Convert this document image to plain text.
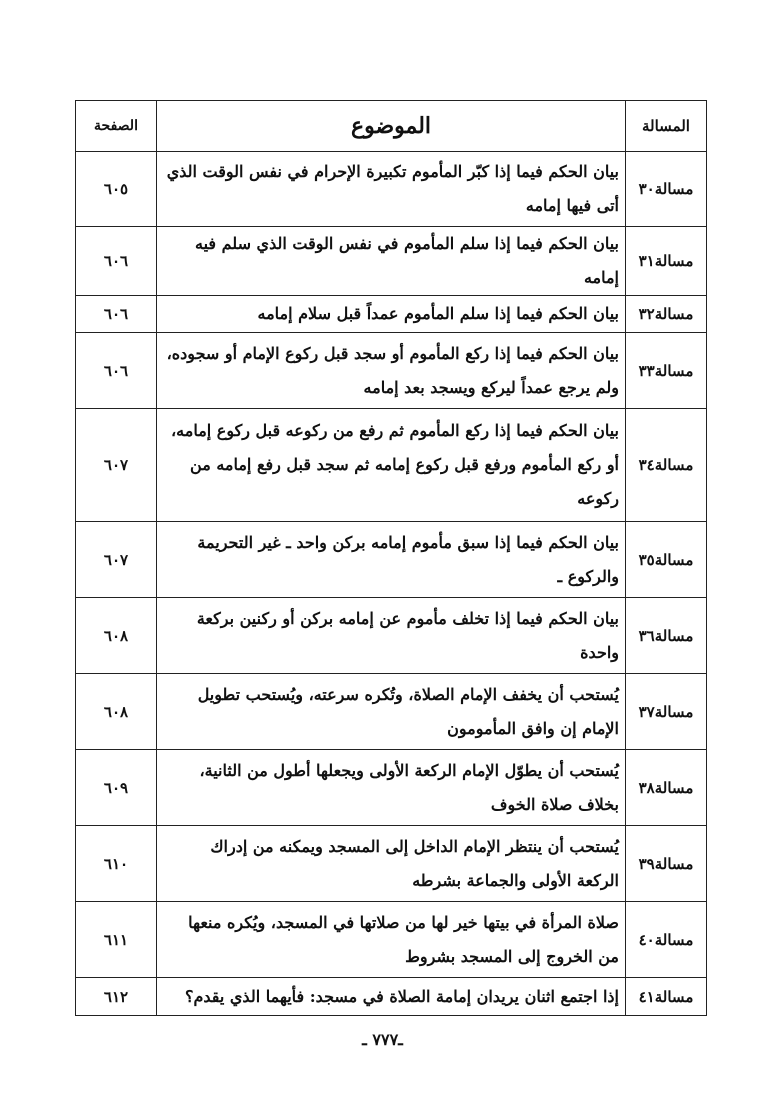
المسالة	الموضوع	الصفحة
مسالة٣٠	بيان الحكم فيما إذا كبّر المأموم تكبيرة الإحرام في نفس الوقت الذي أتى فيها إمامه	٦٠٥
مسالة٣١	بيان الحكم فيما إذا سلم المأموم في نفس الوقت الذي سلم فيه إمامه	٦٠٦
مسالة٣٢	بيان الحكم فيما إذا سلم المأموم عمداً قبل سلام إمامه	٦٠٦
مسالة٣٣	بيان الحكم فيما إذا ركع المأموم أو سجد قبل ركوع الإمام أو سجوده، ولم يرجع عمداً ليركع ويسجد بعد إمامه	٦٠٦
مسالة٣٤	بيان الحكم فيما إذا ركع المأموم ثم رفع من ركوعه قبل ركوع إمامه، أو ركع المأموم ورفع قبل ركوع إمامه ثم سجد قبل رفع إمامه من ركوعه	٦٠٧
مسالة٣٥	بيان الحكم فيما إذا سبق مأموم إمامه بركن واحد ـ غير التحريمة والركوع ـ	٦٠٧
مسالة٣٦	بيان الحكم فيما إذا تخلف مأموم عن إمامه بركن أو ركنين بركعة واحدة	٦٠٨
مسالة٣٧	يُستحب أن يخفف الإمام الصلاة، وتُكره سرعته، ويُستحب تطويل الإمام إن وافق المأمومون	٦٠٨
مسالة٣٨	يُستحب أن يطوّل الإمام الركعة الأولى ويجعلها أطول من الثانية، بخلاف صلاة الخوف	٦٠٩
مسالة٣٩	يُستحب أن ينتظر الإمام الداخل إلى المسجد ويمكنه من إدراك الركعة الأولى والجماعة بشرطه	٦١٠
مسالة٤٠	صلاة المرأة في بيتها خير لها من صلاتها في المسجد، ويُكره منعها من الخروج إلى المسجد بشروط	٦١١
مسالة٤١	إذا اجتمع اثنان يريدان إمامة الصلاة في مسجد: فأيهما الذي يقدم؟	٦١٢
ـ٧٧٧ ـ
